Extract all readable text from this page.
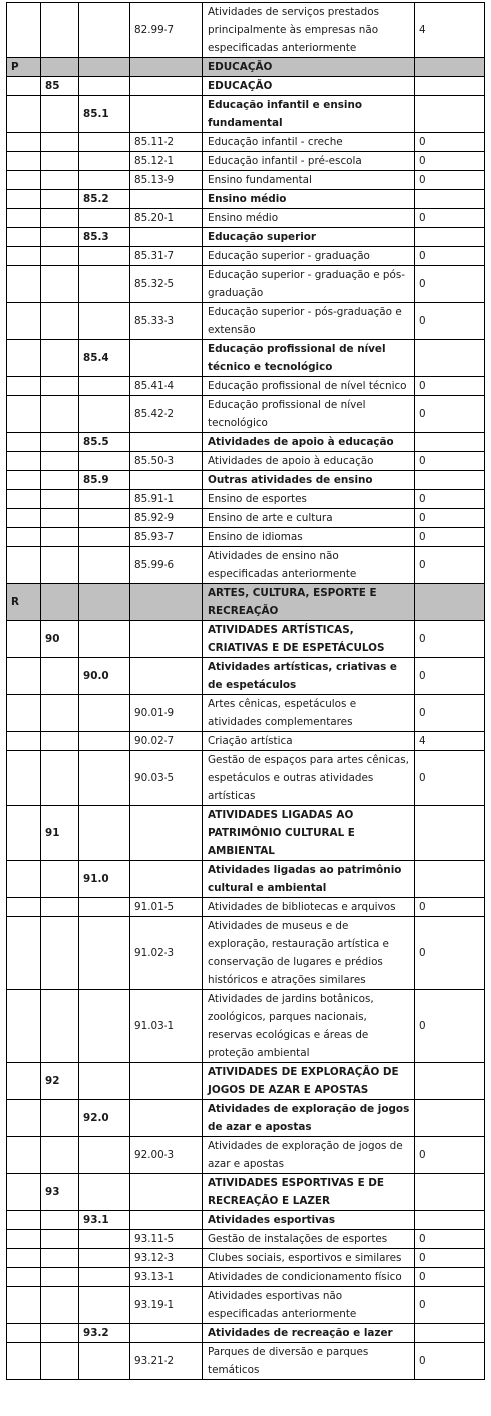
			82.99-7	Atividades de serviços prestados principalmente às empresas não especificadas anteriormente	4
P				EDUCAÇÃO	
	85			EDUCAÇÃO	
		85.1		Educação infantil e ensino fundamental	
			85.11-2	Educação infantil - creche	0
			85.12-1	Educação infantil - pré-escola	0
			85.13-9	Ensino fundamental	0
		85.2		Ensino médio	
			85.20-1	Ensino médio	0
		85.3		Educação superior	
			85.31-7	Educação superior - graduação	0
			85.32-5	Educação superior - graduação e pós-graduação	0
			85.33-3	Educação superior - pós-graduação e extensão	0
		85.4		Educação profissional de nível técnico e tecnológico	
			85.41-4	Educação profissional de nível técnico	0
			85.42-2	Educação profissional de nível tecnológico	0
		85.5		Atividades de apoio à educação	
			85.50-3	Atividades de apoio à educação	0
		85.9		Outras atividades de ensino	
			85.91-1	Ensino de esportes	0
			85.92-9	Ensino de arte e cultura	0
			85.93-7	Ensino de idiomas	0
			85.99-6	Atividades de ensino não especificadas anteriormente	0
R				ARTES, CULTURA, ESPORTE E RECREAÇÃO	
	90			ATIVIDADES ARTÍSTICAS, CRIATIVAS E DE ESPETÁCULOS	0
		90.0		Atividades artísticas, criativas e de espetáculos	0
			90.01-9	Artes cênicas, espetáculos e atividades complementares	0
			90.02-7	Criação artística	4
			90.03-5	Gestão de espaços para artes cênicas, espetáculos e outras atividades artísticas	0
	91			ATIVIDADES LIGADAS AO PATRIMÔNIO CULTURAL E AMBIENTAL	
		91.0		Atividades ligadas ao patrimônio cultural e ambiental	
			91.01-5	Atividades de bibliotecas e arquivos	0
			91.02-3	Atividades de museus e de exploração, restauração artística e conservação de lugares e prédios históricos e atrações similares	0
			91.03-1	Atividades de jardins botânicos, zoológicos, parques nacionais, reservas ecológicas e áreas de proteção ambiental	0
	92			ATIVIDADES DE EXPLORAÇÃO DE JOGOS DE AZAR E APOSTAS	
		92.0		Atividades de exploração de jogos de azar e apostas	
			92.00-3	Atividades de exploração de jogos de azar e apostas	0
	93			ATIVIDADES ESPORTIVAS E DE RECREAÇÃO E LAZER	
		93.1		Atividades esportivas	
			93.11-5	Gestão de instalações de esportes	0
			93.12-3	Clubes sociais, esportivos e similares	0
			93.13-1	Atividades de condicionamento físico	0
			93.19-1	Atividades esportivas não especificadas anteriormente	0
		93.2		Atividades de recreação e lazer	
			93.21-2	Parques de diversão e parques temáticos	0
